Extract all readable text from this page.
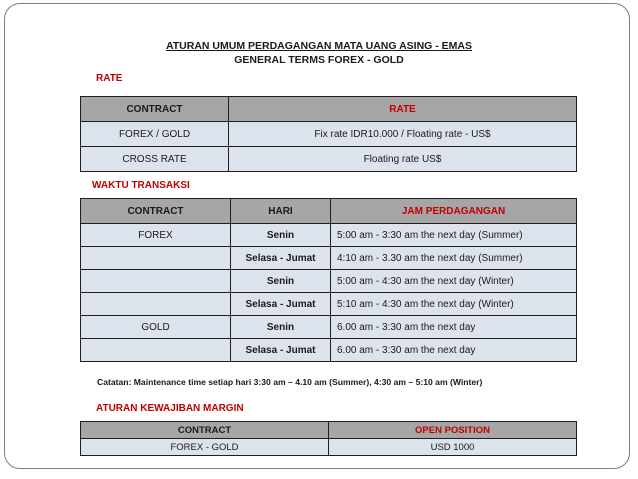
ATURAN UMUM PERDAGANGAN MATA UANG ASING - EMAS
GENERAL TERMS FOREX - GOLD
RATE
CONTRACT	RATE
FOREX / GOLD	Fix rate IDR10.000 / Floating rate - US$
CROSS RATE	Floating rate US$
WAKTU TRANSAKSI
CONTRACT	HARI	JAM PERDAGANGAN
FOREX	Senin	5:00 am - 3:30 am the next day (Summer)
	Selasa - Jumat	4:10 am - 3.30 am the next day (Summer)
	Senin	5:00 am - 4:30 am the next day (Winter)
	Selasa - Jumat	5:10 am - 4:30 am the next day (Winter)
GOLD	Senin	6.00 am - 3:30 am the next day
	Selasa - Jumat	6.00 am - 3:30 am the next day
Catatan: Maintenance time setiap hari 3:30 am – 4.10 am (Summer), 4:30 am – 5:10 am (Winter)
ATURAN KEWAJIBAN MARGIN
CONTRACT	OPEN POSITION
FOREX - GOLD	USD 1000
